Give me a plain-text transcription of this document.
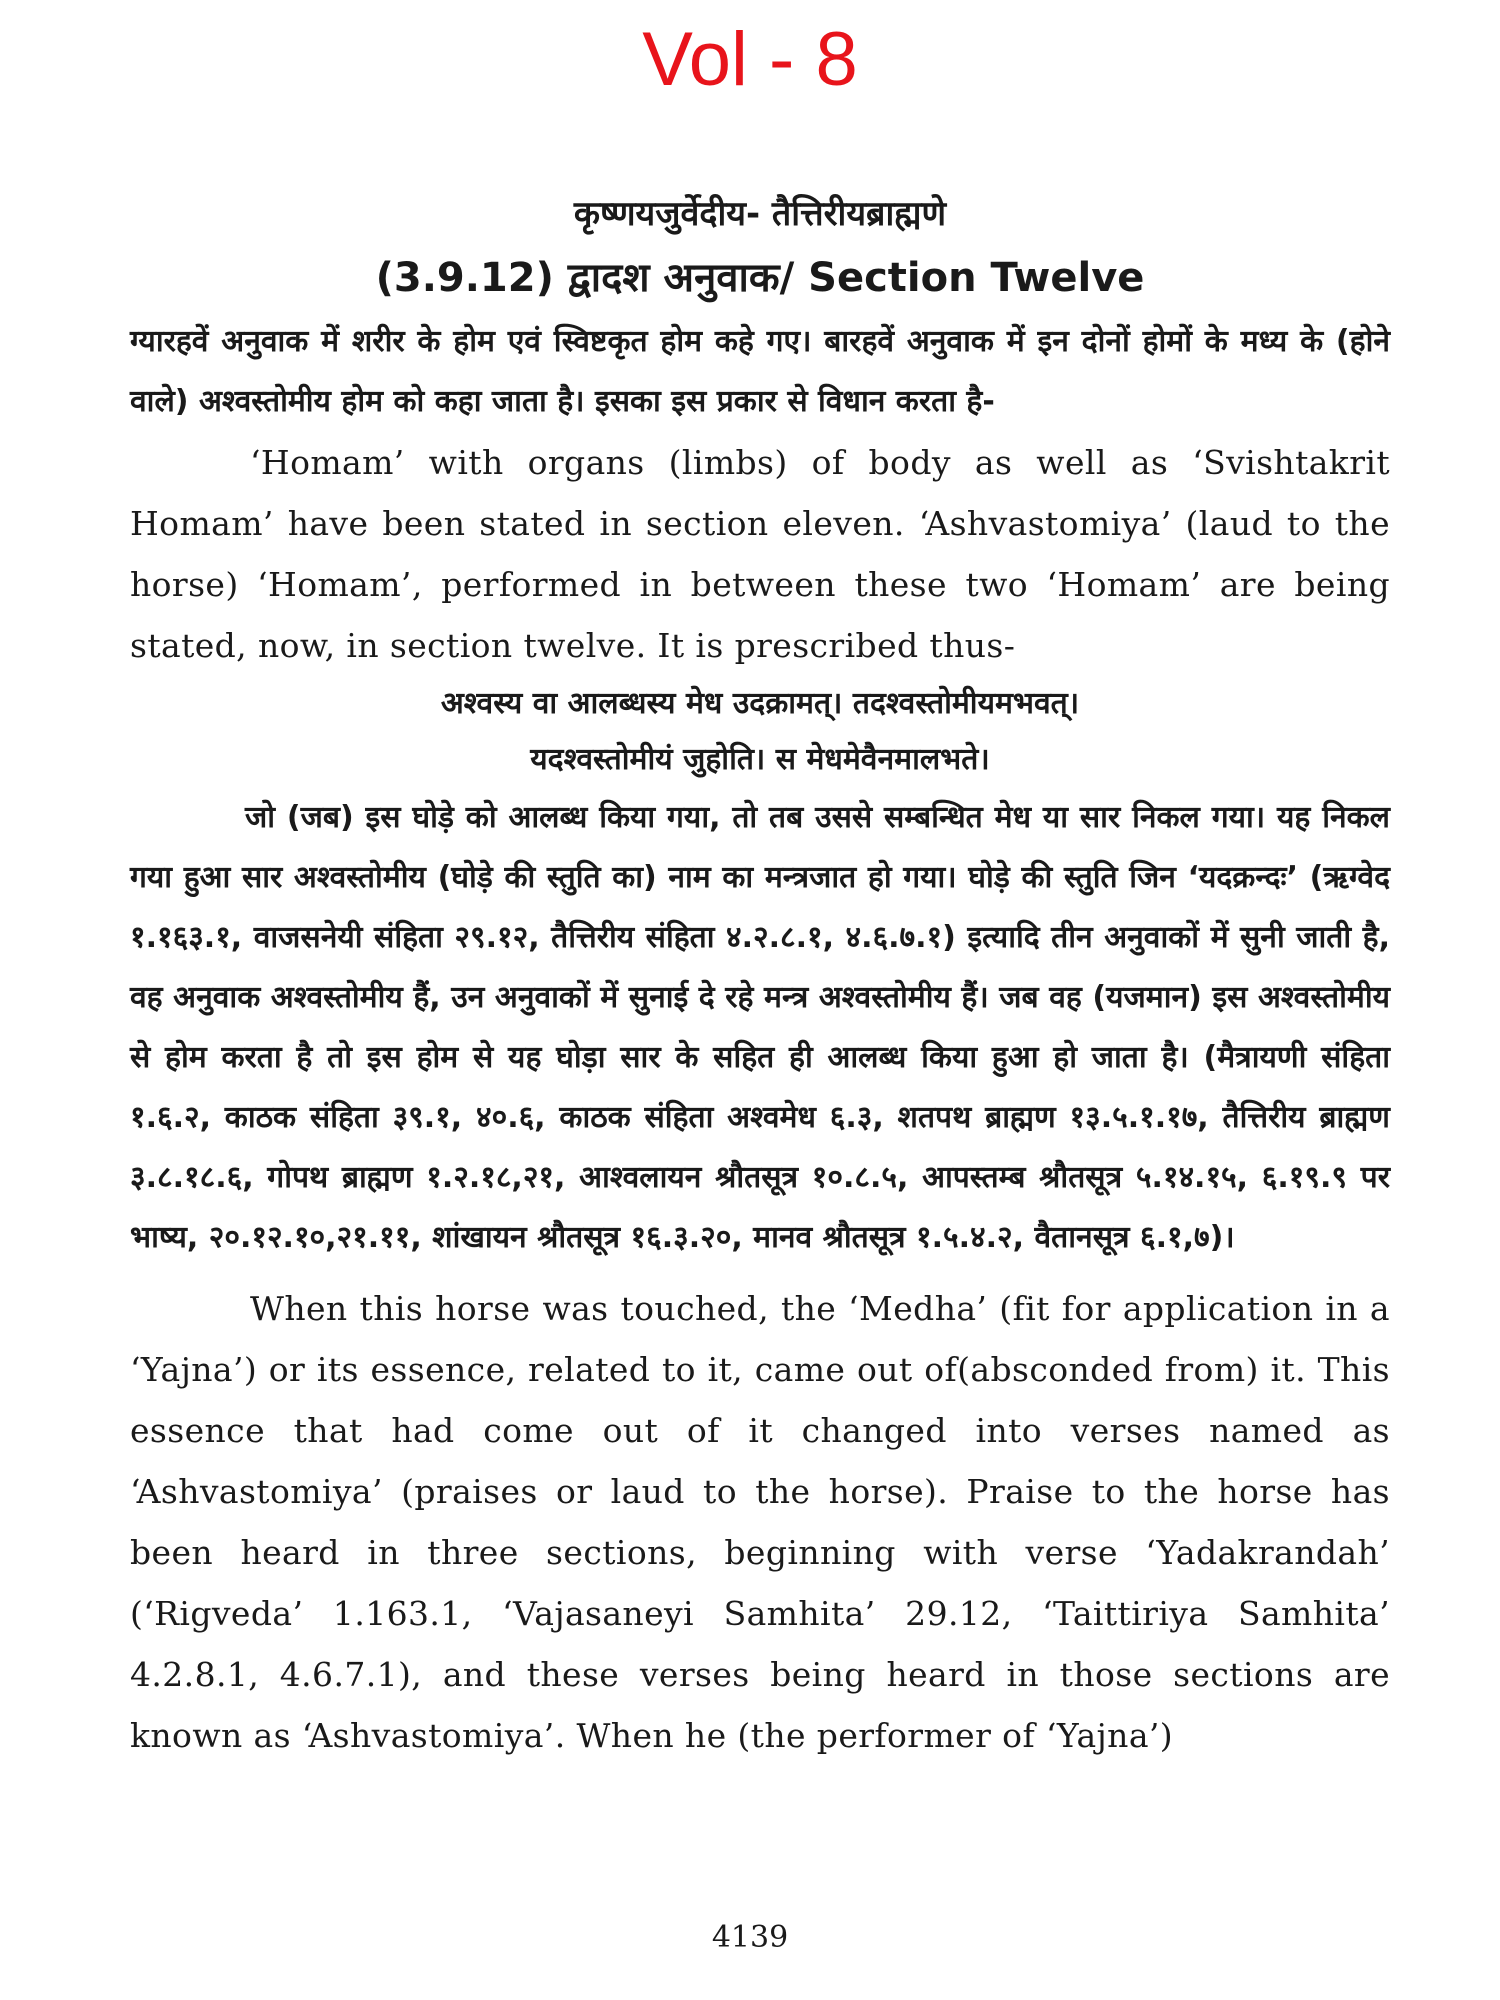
Vol - 8
कृष्णयजुर्वेदीय- तैत्तिरीयब्राह्मणे
(3.9.12) द्वादश अनुवाक/ Section Twelve

ग्यारहवें अनुवाक में शरीर के होम एवं स्विष्टकृत होम कहे गए। बारहवें अनुवाक में इन दोनों होमों के मध्य के (होने वाले) अश्वस्तोमीय होम को कहा जाता है। इसका इस प्रकार से विधान करता है-

‘Homam’ with organs (limbs) of body as well as ‘Svishtakrit Homam’ have been stated in section eleven. ‘Ashvastomiya’ (laud to the horse) ‘Homam’, performed in between these two ‘Homam’ are being stated, now, in section twelve. It is prescribed thus-

अश्वस्य वा आलब्धस्य मेध उदक्रामत्। तदश्वस्तोमीयमभवत्।
यदश्वस्तोमीयं जुहोति। स मेधमेवैनमालभते।

जो (जब) इस घोड़े को आलब्ध किया गया, तो तब उससे सम्बन्धित मेध या सार निकल गया। यह निकल गया हुआ सार अश्वस्तोमीय (घोड़े की स्तुति का) नाम का मन्त्रजात हो गया। घोड़े की स्तुति जिन ‘यदक्रन्दः’ (ऋग्वेद १.१६३.१, वाजसनेयी संहिता २९.१२, तैत्तिरीय संहिता ४.२.८.१, ४.६.७.१) इत्यादि तीन अनुवाकों में सुनी जाती है, वह अनुवाक अश्वस्तोमीय हैं, उन अनुवाकों में सुनाई दे रहे मन्त्र अश्वस्तोमीय हैं। जब वह (यजमान) इस अश्वस्तोमीय से होम करता है तो इस होम से यह घोड़ा सार के सहित ही आलब्ध किया हुआ हो जाता है। (मैत्रायणी संहिता १.६.२, काठक संहिता ३९.१, ४०.६, काठक संहिता अश्वमेध ६.३, शतपथ ब्राह्मण १३.५.१.१७, तैत्तिरीय ब्राह्मण ३.८.१८.६, गोपथ ब्राह्मण १.२.१८,२१, आश्वलायन श्रौतसूत्र १०.८.५, आपस्तम्ब श्रौतसूत्र ५.१४.१५, ६.१९.९ पर भाष्य, २०.१२.१०,२१.११, शांखायन श्रौतसूत्र १६.३.२०, मानव श्रौतसूत्र १.५.४.२, वैतानसूत्र ६.१,७)।

When this horse was touched, the ‘Medha’ (fit for application in a ‘Yajna’) or its essence, related to it, came out of(absconded from) it. This essence that had come out of it changed into verses named as ‘Ashvastomiya’ (praises or laud to the horse). Praise to the horse has been heard in three sections, beginning with verse ‘Yadakrandah’ (‘Rigveda’ 1.163.1, ‘Vajasaneyi Samhita’ 29.12, ‘Taittiriya Samhita’ 4.2.8.1, 4.6.7.1), and these verses being heard in those sections are known as ‘Ashvastomiya’. When he (the performer of ‘Yajna’)

4139
